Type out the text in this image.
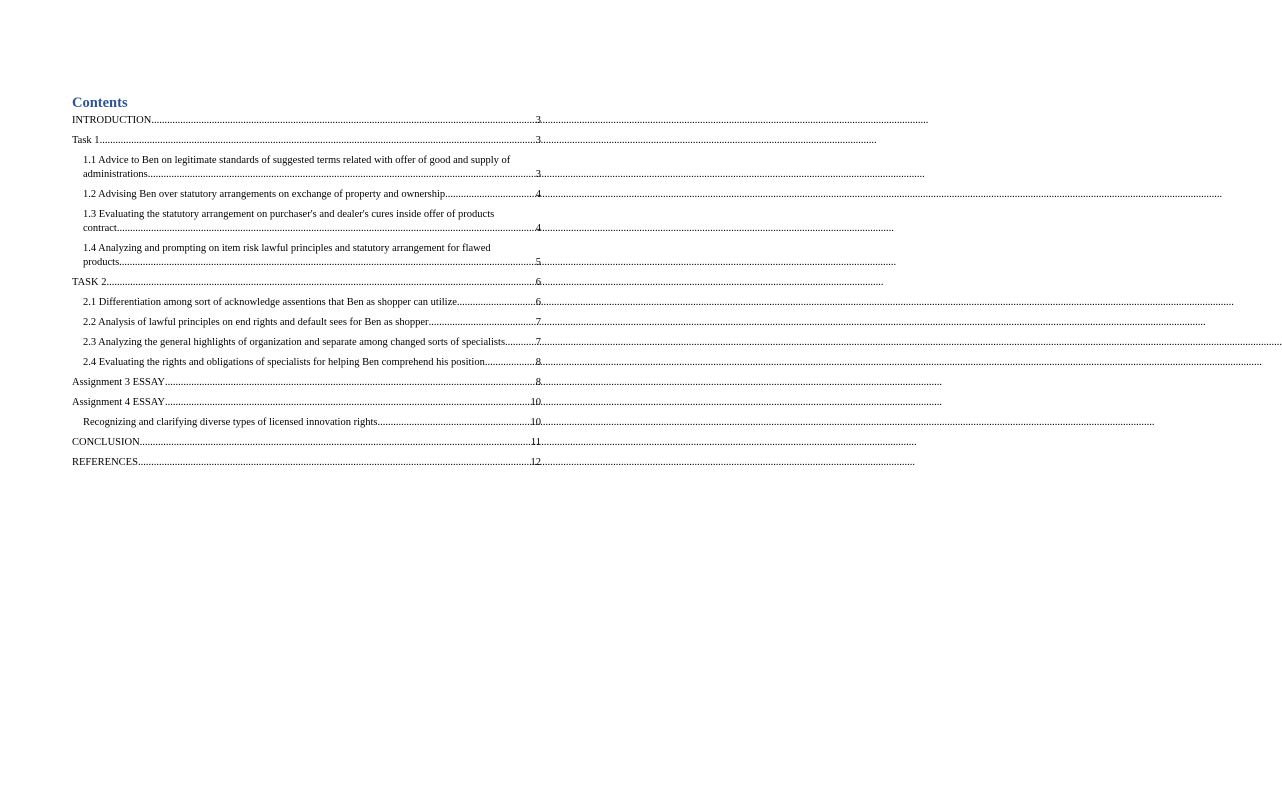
Contents
INTRODUCTION .....	3
Task 1 .....	3
1.1 Advice to Ben on legitimate standards of suggested terms related with offer of good and supply of
administrations .....	3
1.2 Advising Ben over statutory arrangements on exchange of property and ownership .....	4
1.3 Evaluating the statutory arrangement on purchaser's and dealer's cures inside offer of products
contract .....	4
1.4 Analyzing and prompting on item risk lawful principles and statutory arrangement for flawed
products .....	5
TASK 2 .....	6
2.1 Differentiation among sort of acknowledge assentions that Ben as shopper can utilize .....	6
2.2 Analysis of lawful principles on end rights and default sees for Ben as shopper .....	7
2.3 Analyzing the general highlights of organization and separate among changed sorts of specialists .....	7
2.4 Evaluating the rights and obligations of specialists for helping Ben comprehend his position .....	8
Assignment 3 ESSAY .....	8
Assignment 4 ESSAY .....	10
Recognizing and clarifying diverse types of licensed innovation rights .....	10
CONCLUSION .....	11
REFERENCES .....	12
